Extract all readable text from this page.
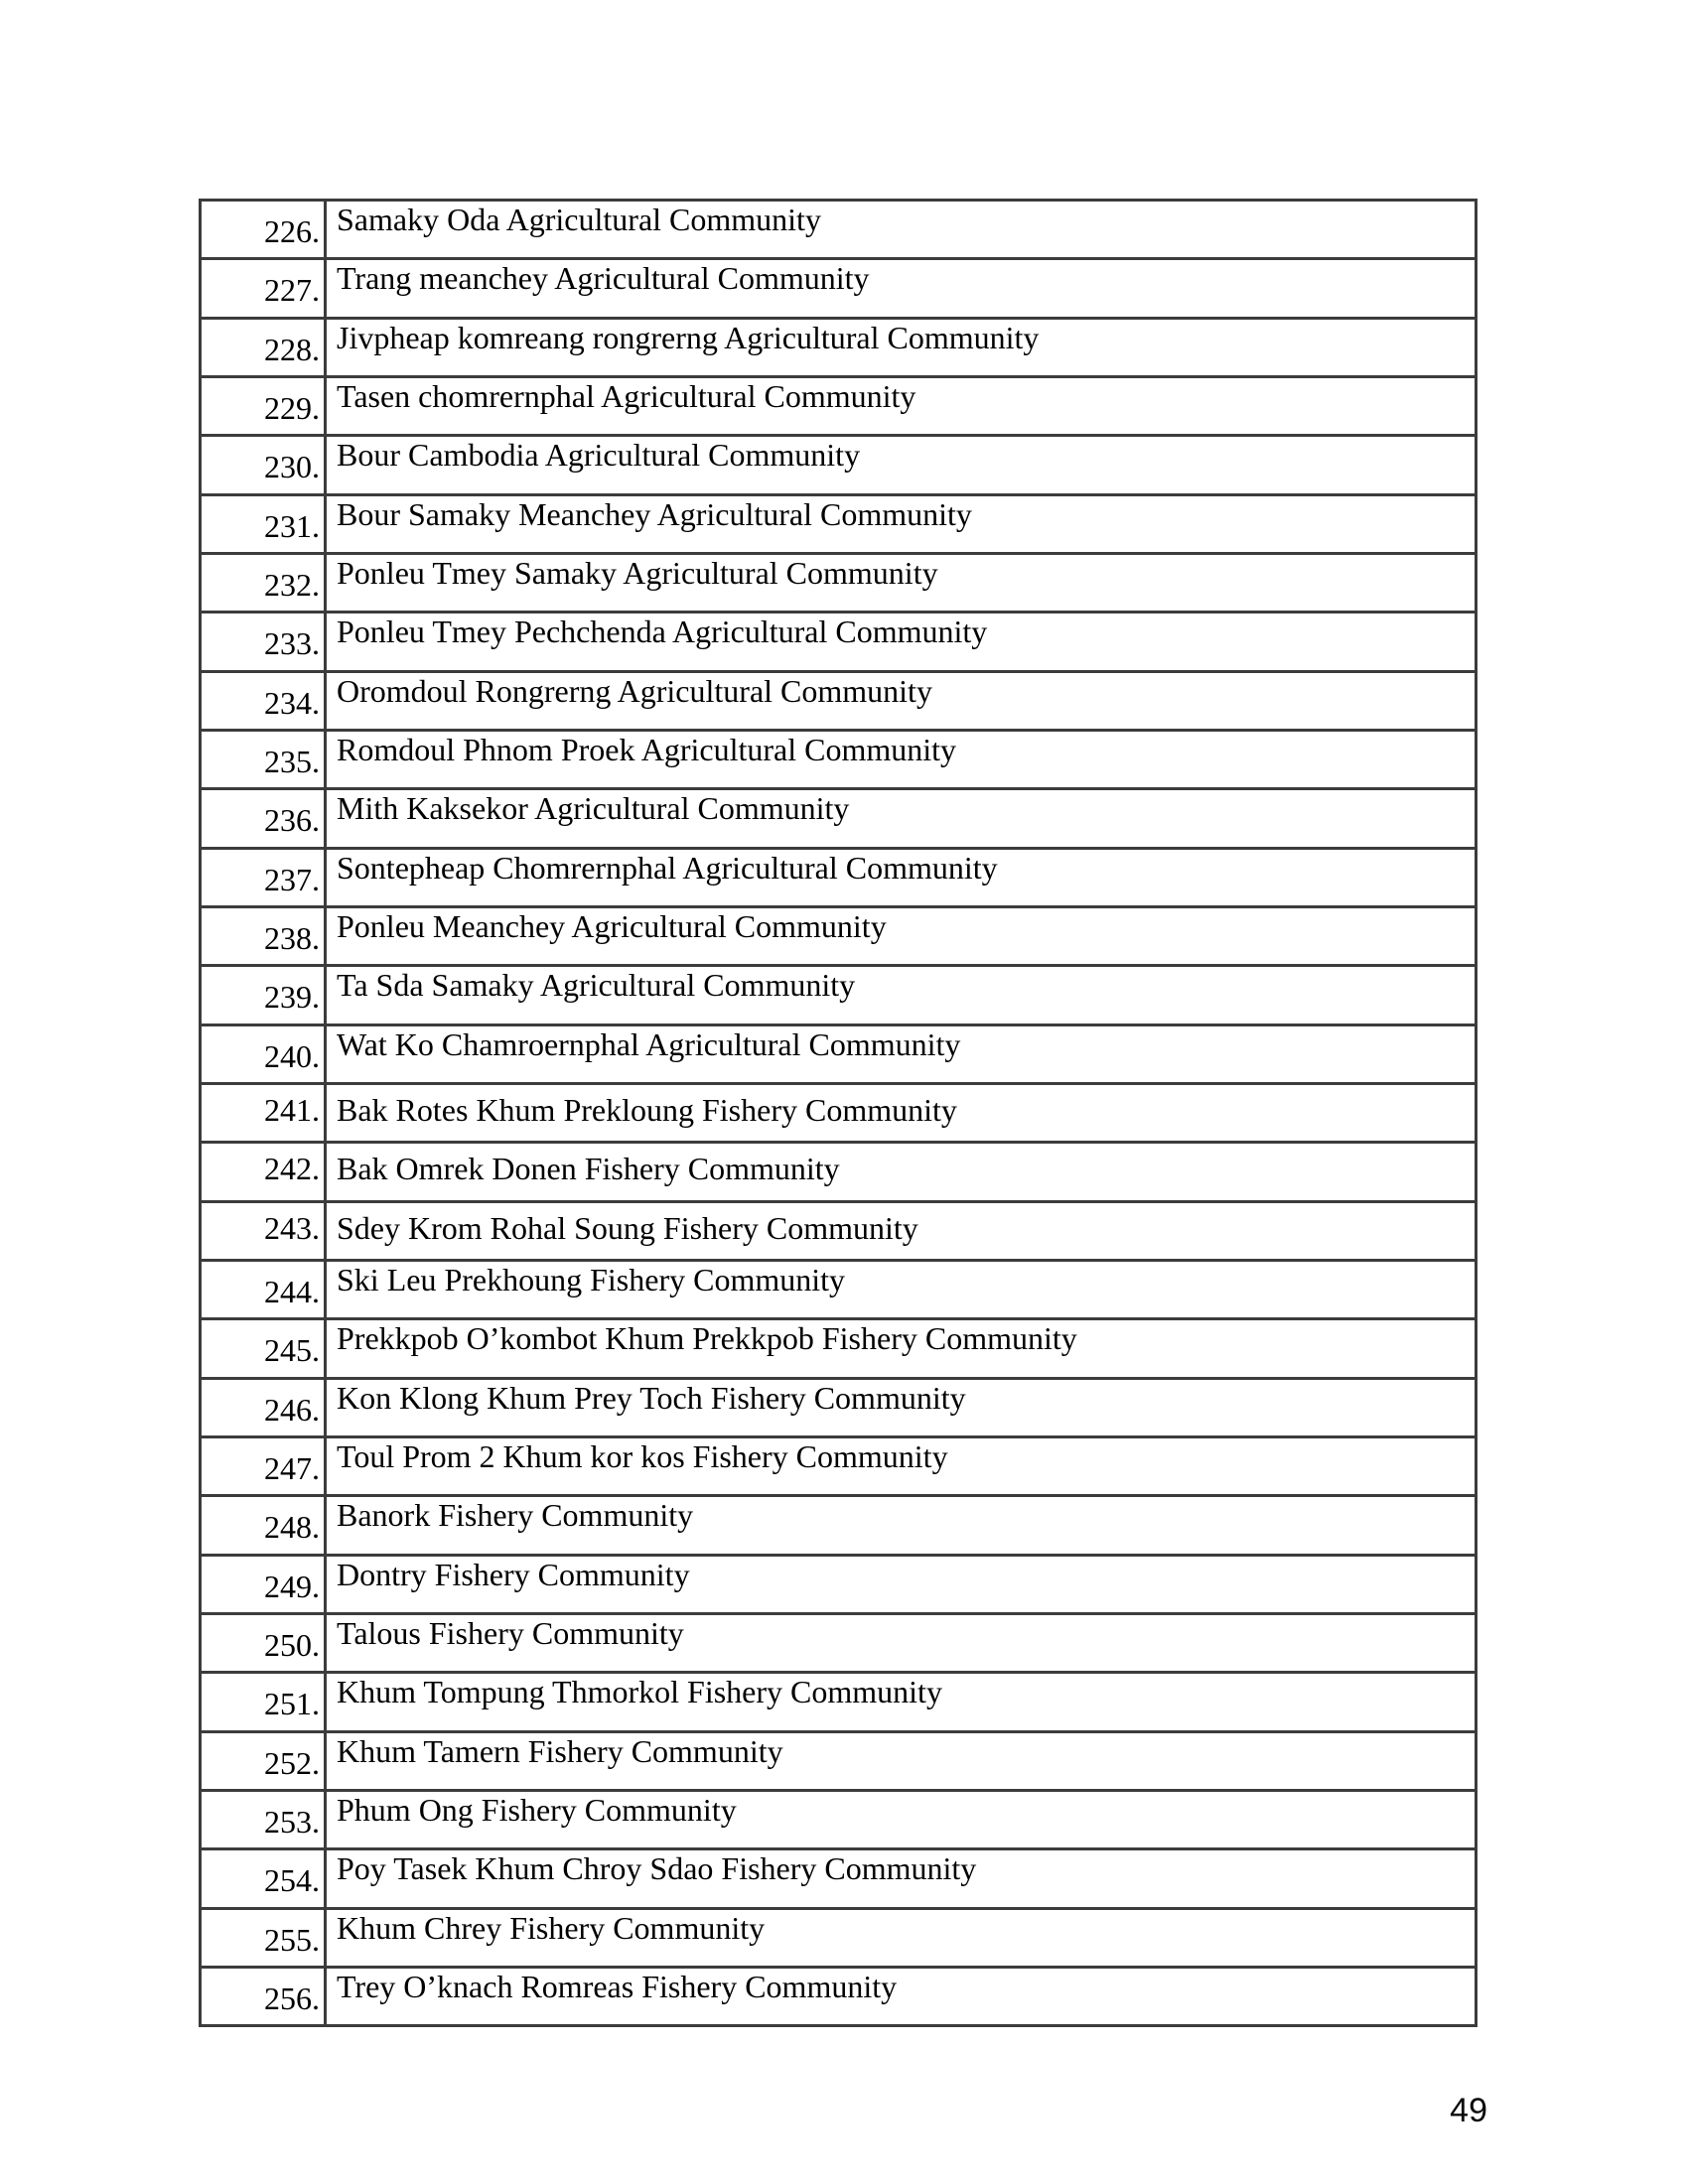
226. Samaky Oda Agricultural Community
227. Trang meanchey Agricultural Community
228. Jivpheap komreang rongrerng Agricultural Community
229. Tasen chomrernphal Agricultural Community
230. Bour Cambodia Agricultural Community
231. Bour Samaky Meanchey Agricultural Community
232. Ponleu Tmey Samaky Agricultural Community
233. Ponleu Tmey Pechchenda Agricultural Community
234. Oromdoul Rongrerng Agricultural Community
235. Romdoul Phnom Proek Agricultural Community
236. Mith Kaksekor Agricultural Community
237. Sontepheap Chomrernphal Agricultural Community
238. Ponleu Meanchey Agricultural Community
239. Ta Sda Samaky Agricultural Community
240. Wat Ko Chamroernphal Agricultural Community
241. Bak Rotes Khum Prekloung Fishery Community
242. Bak Omrek Donen Fishery Community
243. Sdey Krom Rohal Soung Fishery Community
244. Ski Leu Prekhoung Fishery Community
245. Prekkpob O’kombot Khum Prekkpob Fishery Community
246. Kon Klong Khum Prey Toch Fishery Community
247. Toul Prom 2 Khum kor kos Fishery Community
248. Banork Fishery Community
249. Dontry Fishery Community
250. Talous Fishery Community
251. Khum Tompung Thmorkol Fishery Community
252. Khum Tamern Fishery Community
253. Phum Ong Fishery Community
254. Poy Tasek Khum Chroy Sdao Fishery Community
255. Khum Chrey Fishery Community
256. Trey O’knach Romreas Fishery Community
49
